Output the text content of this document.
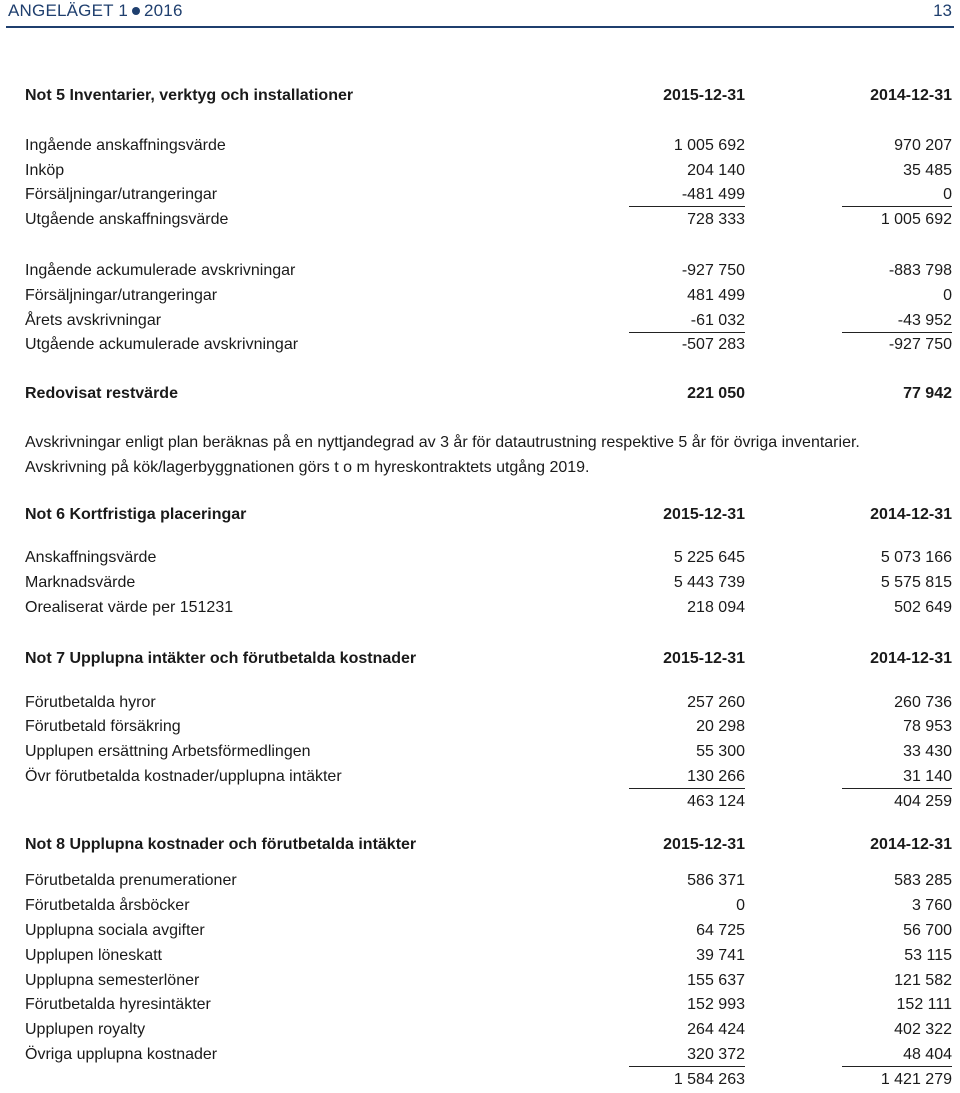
ANGELÄGET 1 2016	13
Not 5 Inventarier, verktyg och installationer	2015-12-31	2014-12-31
Ingående anskaffningsvärde	1 005 692	970 207
Inköp	204 140	35 485
Försäljningar/utrangeringar	-481 499	0
Utgående anskaffningsvärde	728 333	1 005 692
Ingående ackumulerade avskrivningar	-927 750	-883 798
Försäljningar/utrangeringar	481 499	0
Årets avskrivningar	-61 032	-43 952
Utgående ackumulerade avskrivningar	-507 283	-927 750
Redovisat restvärde	221 050	77 942
Avskrivningar enligt plan beräknas på en nyttjandegrad av 3 år för datautrustning respektive 5 år för övriga inventarier.
Avskrivning på kök/lagerbyggnationen görs t o m hyreskontraktets utgång 2019.
Not 6 Kortfristiga placeringar	2015-12-31	2014-12-31
Anskaffningsvärde	5 225 645	5 073 166
Marknadsvärde	5 443 739	5 575 815
Orealiserat värde per 151231	218 094	502 649
Not 7 Upplupna intäkter och förutbetalda kostnader	2015-12-31	2014-12-31
Förutbetalda hyror	257 260	260 736
Förutbetald försäkring	20 298	78 953
Upplupen ersättning Arbetsförmedlingen	55 300	33 430
Övr förutbetalda kostnader/upplupna intäkter	130 266	31 140
463 124	404 259
Not 8 Upplupna kostnader och förutbetalda intäkter	2015-12-31	2014-12-31
Förutbetalda prenumerationer	586 371	583 285
Förutbetalda årsböcker	0	3 760
Upplupna sociala avgifter	64 725	56 700
Upplupen löneskatt	39 741	53 115
Upplupna semesterlöner	155 637	121 582
Förutbetalda hyresintäkter	152 993	152 111
Upplupen royalty	264 424	402 322
Övriga upplupna kostnader	320 372	48 404
1 584 263	1 421 279
